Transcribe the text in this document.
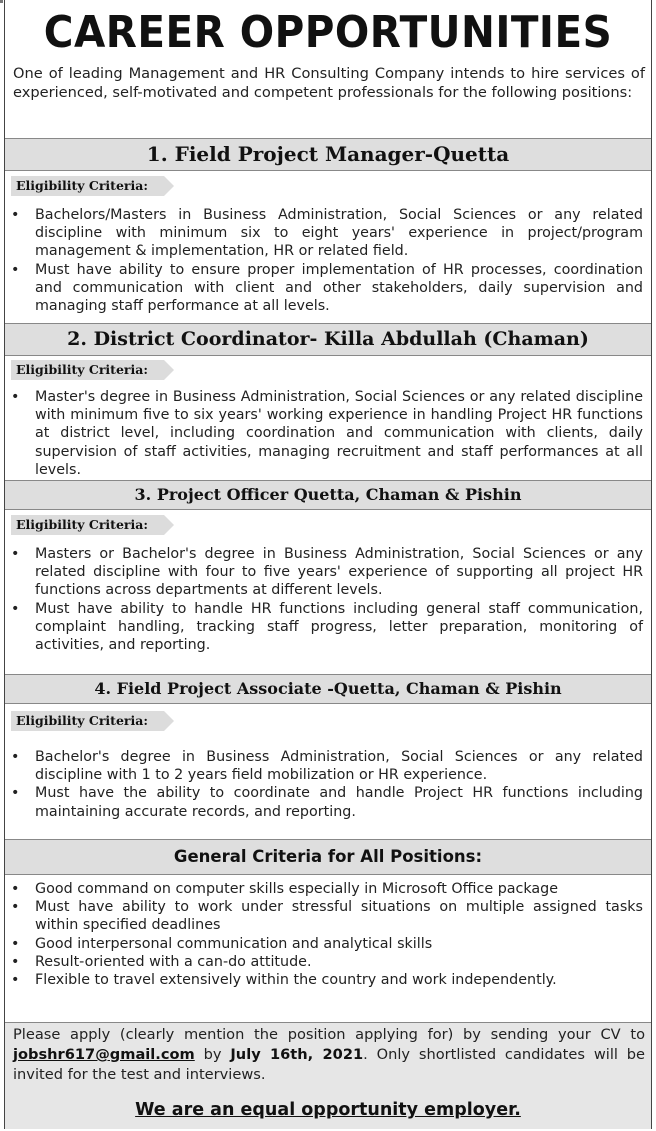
CAREER OPPORTUNITIES
One of leading Management and HR Consulting Company intends to hire services of experienced, self-motivated and competent professionals for the following positions:
1. Field Project Manager-Quetta
Eligibility Criteria:
• Bachelors/Masters in Business Administration, Social Sciences or any related discipline with minimum six to eight years' experience in project/program management & implementation, HR or related field.
• Must have ability to ensure proper implementation of HR processes, coordination and communication with client and other stakeholders, daily supervision and managing staff performance at all levels.
2. District Coordinator- Killa Abdullah (Chaman)
Eligibility Criteria:
• Master's degree in Business Administration, Social Sciences or any related discipline with minimum five to six years' working experience in handling Project HR functions at district level, including coordination and communication with clients, daily supervision of staff activities, managing recruitment and staff performances at all levels.
3. Project Officer Quetta, Chaman & Pishin
Eligibility Criteria:
• Masters or Bachelor's degree in Business Administration, Social Sciences or any related discipline with four to five years' experience of supporting all project HR functions across departments at different levels.
• Must have ability to handle HR functions including general staff communication, complaint handling, tracking staff progress, letter preparation, monitoring of activities, and reporting.
4. Field Project Associate -Quetta, Chaman & Pishin
Eligibility Criteria:
• Bachelor's degree in Business Administration, Social Sciences or any related discipline with 1 to 2 years field mobilization or HR experience.
• Must have the ability to coordinate and handle Project HR functions including maintaining accurate records, and reporting.
General Criteria for All Positions:
• Good command on computer skills especially in Microsoft Office package
• Must have ability to work under stressful situations on multiple assigned tasks within specified deadlines
• Good interpersonal communication and analytical skills
• Result-oriented with a can-do attitude.
• Flexible to travel extensively within the country and work independently.
Please apply (clearly mention the position applying for) by sending your CV to jobshr617@gmail.com by July 16th, 2021. Only shortlisted candidates will be invited for the test and interviews.
We are an equal opportunity employer.
